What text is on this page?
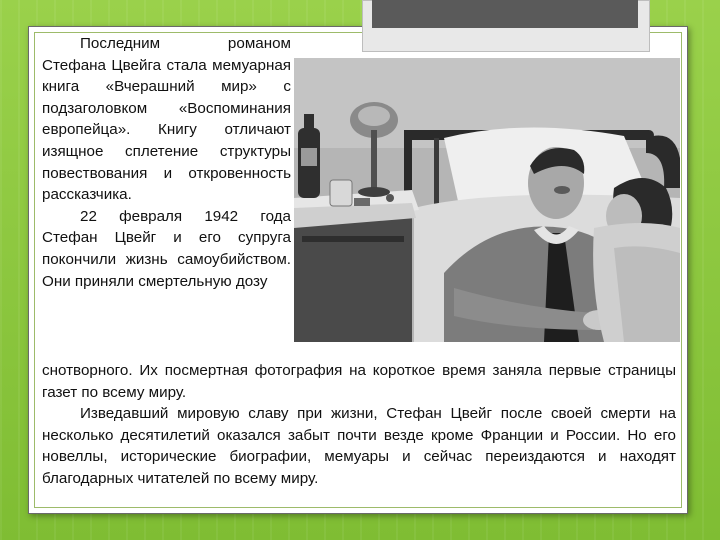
Последним романом Стефана Цвейга стала мемуарная книга «Вчерашний мир» с подзаголовком «Воспоминания европейца». Книгу отличают изящное сплетение структуры повествования и откровенность рассказчика.

22 февраля 1942 года Стефан Цвейг и его супруга покончили жизнь самоубийством. Они приняли смертельную дозу

снотворного. Их посмертная фотография на короткое время заняла первые страницы газет по всему миру.

Изведавший мировую славу при жизни, Стефан Цвейг после своей смерти на несколько десятилетий оказался забыт почти везде кроме Франции и России. Но его новеллы, исторические биографии, мемуары и сейчас переиздаются и находят благодарных читателей по всему миру.
